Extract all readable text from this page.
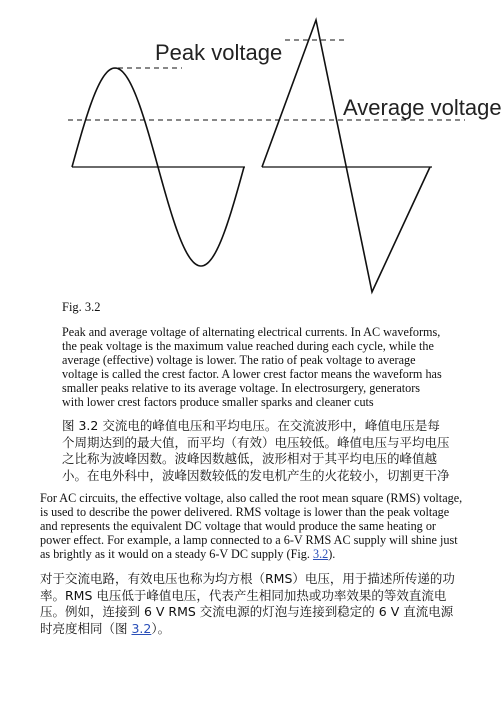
Peak voltage
Average voltage
Fig. 3.2
Peak and average voltage of alternating electrical currents. In AC waveforms, the peak voltage is the maximum value reached during each cycle, while the average (effective) voltage is lower. The ratio of peak voltage to average voltage is called the crest factor. A lower crest factor means the waveform has smaller peaks relative to its average voltage. In electrosurgery, generators with lower crest factors produce smaller sparks and cleaner cuts
图 3.2 交流电的峰值电压和平均电压。在交流波形中，峰值电压是每个周期达到的最大值，而平均（有效）电压较低。峰值电压与平均电压之比称为波峰因数。波峰因数越低，波形相对于其平均电压的峰值越小。在电外科中，波峰因数较低的发电机产生的火花较小，切割更干净
For AC circuits, the effective voltage, also called the root mean square (RMS) voltage, is used to describe the power delivered. RMS voltage is lower than the peak voltage and represents the equivalent DC voltage that would produce the same heating or power effect. For example, a lamp connected to a 6-V RMS AC supply will shine just as brightly as it would on a steady 6-V DC supply (Fig. 3.2).
对于交流电路，有效电压也称为均方根（RMS）电压，用于描述所传递的功率。RMS 电压低于峰值电压，代表产生相同加热或功率效果的等效直流电压。例如，连接到 6 V RMS 交流电源的灯泡与连接到稳定的 6 V 直流电源时亮度相同（图 3.2）。
